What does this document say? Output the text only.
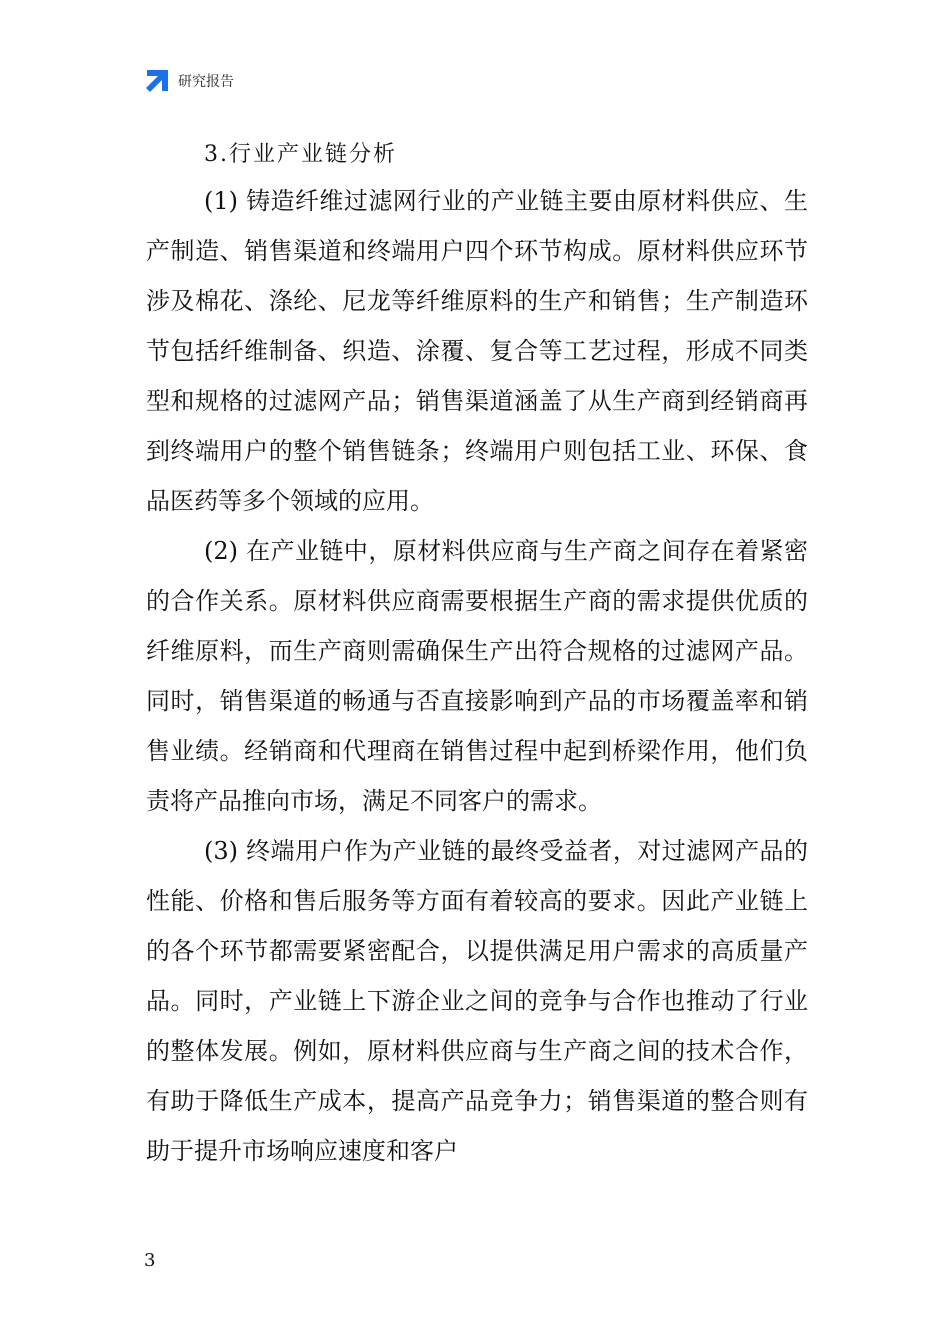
研究报告
3.行业产业链分析

(1) 铸造纤维过滤网行业的产业链主要由原材料供应、生产制造、销售渠道和终端用户四个环节构成。原材料供应环节涉及棉花、涤纶、尼龙等纤维原料的生产和销售；生产制造环节包括纤维制备、织造、涂覆、复合等工艺过程，形成不同类型和规格的过滤网产品；销售渠道涵盖了从生产商到经销商再到终端用户的整个销售链条；终端用户则包括工业、环保、食品医药等多个领域的应用。

(2) 在产业链中，原材料供应商与生产商之间存在着紧密的合作关系。原材料供应商需要根据生产商的需求提供优质的纤维原料，而生产商则需确保生产出符合规格的过滤网产品。同时，销售渠道的畅通与否直接影响到产品的市场覆盖率和销售业绩。经销商和代理商在销售过程中起到桥梁作用，他们负责将产品推向市场，满足不同客户的需求。

(3) 终端用户作为产业链的最终受益者，对过滤网产品的性能、价格和售后服务等方面有着较高的要求。因此产业链上的各个环节都需要紧密配合，以提供满足用户需求的高质量产品。同时，产业链上下游企业之间的竞争与合作也推动了行业的整体发展。例如，原材料供应商与生产商之间的技术合作，有助于降低生产成本，提高产品竞争力；销售渠道的整合则有助于提升市场响应速度和客户

3
